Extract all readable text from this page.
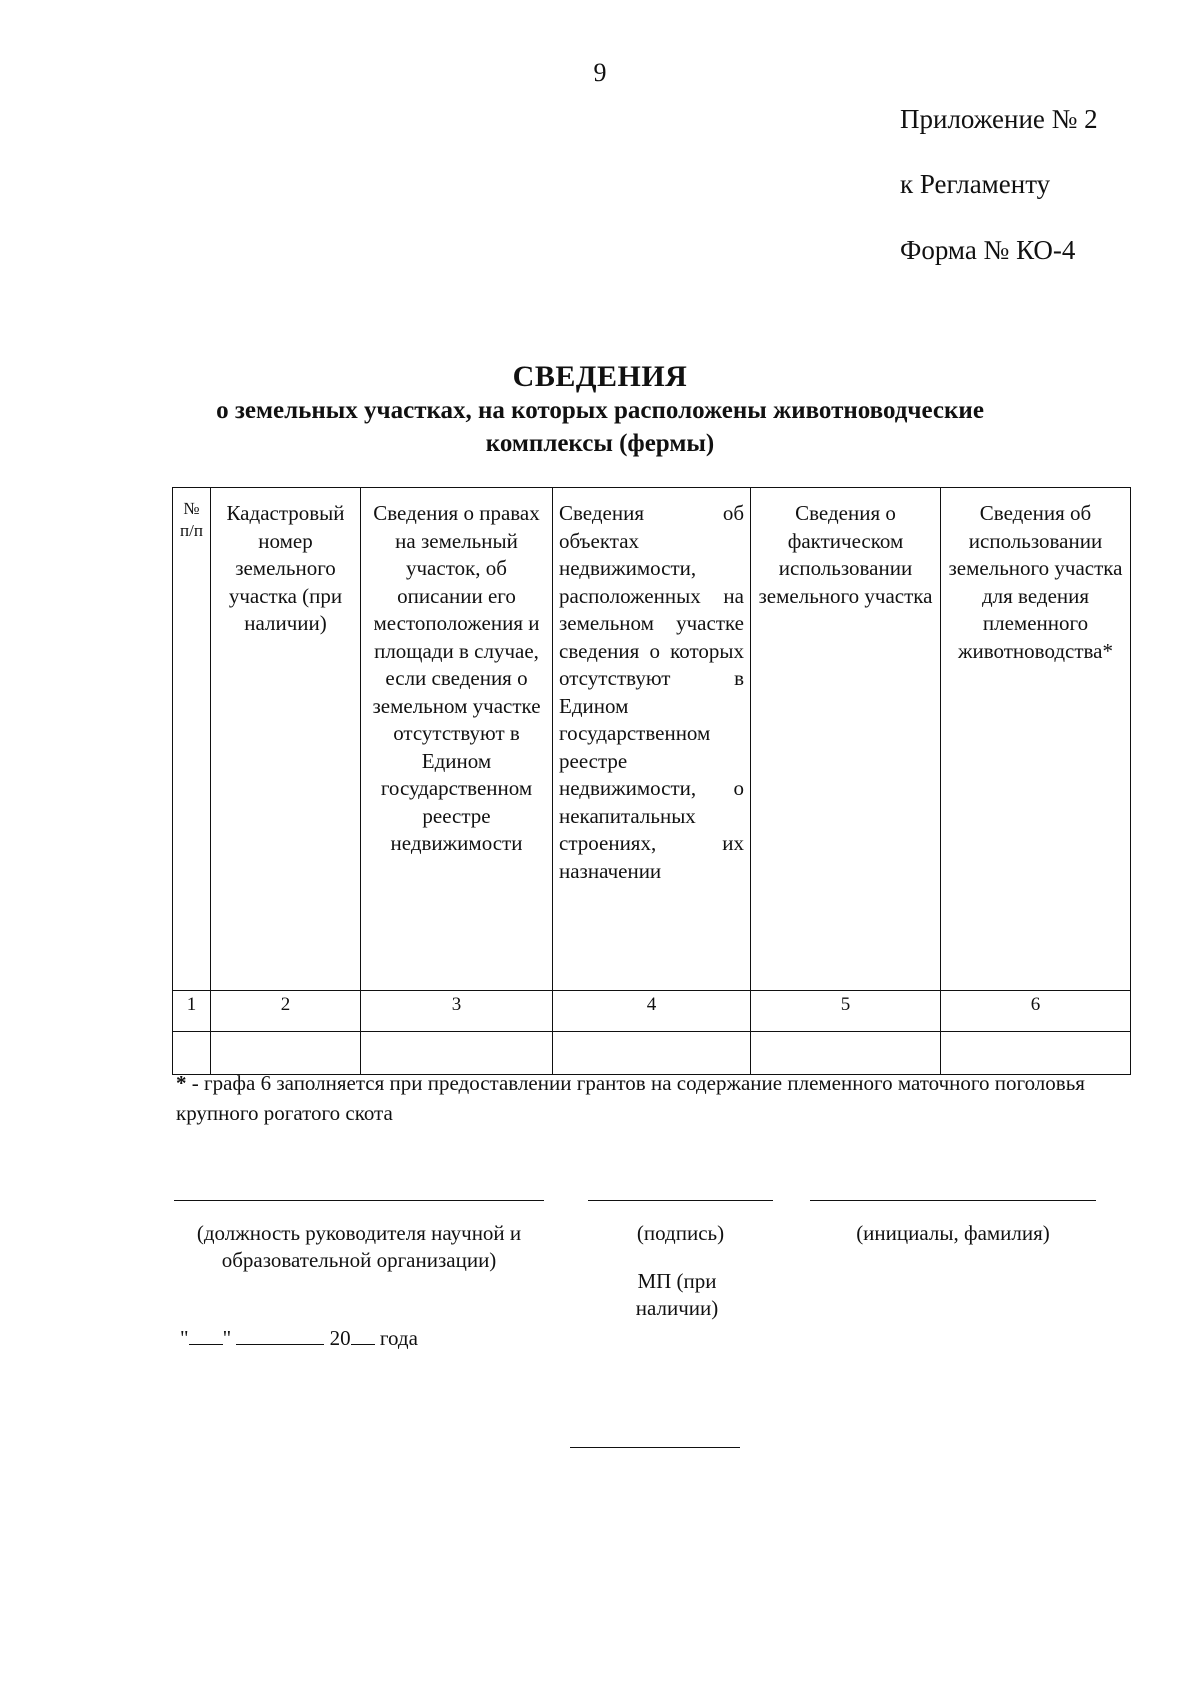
9
Приложение № 2
к Регламенту
Форма № КО-4
СВЕДЕНИЯ
о земельных участках, на которых расположены животноводческие
комплексы (фермы)
№ п/п	Кадастровый номер земельного участка (при наличии)	Сведения о правах на земельный участок, об описании его местоположения и площади в случае, если сведения о земельном участке отсутствуют в Едином государственном реестре недвижимости	Сведения об объектах недвижимости, расположенных на земельном участке сведения о которых отсутствуют в Едином государственном реестре недвижимости, о некапитальных строениях, их назначении	Сведения о фактическом использовании земельного участка	Сведения об использовании земельного участка для ведения племенного животноводства*
1	2	3	4	5	6

* - графа 6 заполняется при предоставлении грантов на содержание племенного маточного поголовья крупного рогатого скота
(должность руководителя научной и образовательной организации)
(подпись)	(инициалы, фамилия)
МП (при наличии)
" "	20 года
